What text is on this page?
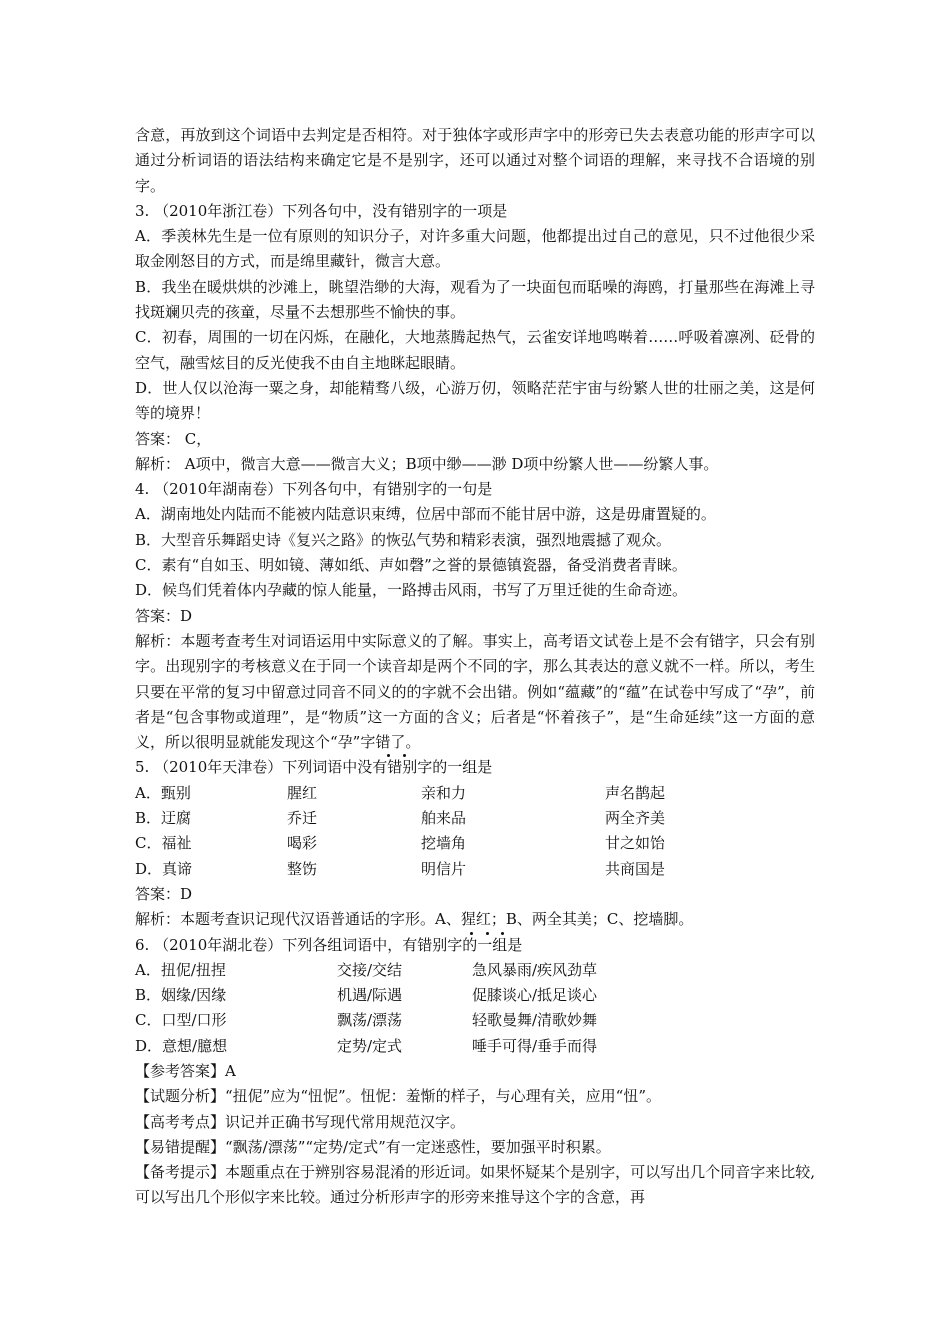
含意，再放到这个词语中去判定是否相符。对于独体字或形声字中的形旁已失去表意功能的形声字可以通过分析词语的语法结构来确定它是不是别字，还可以通过对整个词语的理解，来寻找不合语境的别字。
3. （2010年浙江卷）下列各句中，没有错别字的一项是
A．季羡林先生是一位有原则的知识分子，对许多重大问题，他都提出过自己的意见，只不过他很少采取金刚怒目的方式，而是绵里藏针，微言大意。
B．我坐在暖烘烘的沙滩上，眺望浩缈的大海，观看为了一块面包而聒噪的海鸥，打量那些在海滩上寻找斑斓贝壳的孩童，尽量不去想那些不愉快的事。
C．初春，周围的一切在闪烁，在融化，大地蒸腾起热气，云雀安详地鸣啭着……呼吸着凛冽、砭骨的空气，融雪炫目的反光使我不由自主地眯起眼睛。
D．世人仅以沧海一粟之身，却能精骛八级，心游万仞，领略茫茫宇宙与纷繁人世的壮丽之美，这是何等的境界！
答案： C，
解析： A项中，微言大意——微言大义；B项中缈——渺 D项中纷繁人世——纷繁人事。
4. （2010年湖南卷）下列各句中，有错别字的一句是
A．湖南地处内陆而不能被内陆意识束缚，位居中部而不能甘居中游，这是毋庸置疑的。
B．大型音乐舞蹈史诗《复兴之路》的恢弘气势和精彩表演，强烈地震撼了观众。
C．素有“自如玉、明如镜、薄如纸、声如磬”之誉的景德镇瓷器，备受消费者青睐。
D．候鸟们凭着体内孕藏的惊人能量，一路搏击风雨，书写了万里迁徙的生命奇迹。
答案：D
解析：本题考查考生对词语运用中实际意义的了解。事实上，高考语文试卷上是不会有错字，只会有别字。出现别字的考核意义在于同一个读音却是两个不同的字，那么其表达的意义就不一样。所以，考生只要在平常的复习中留意过同音不同义的的字就不会出错。例如“蕴藏”的“蕴”在试卷中写成了“孕”，前者是“包含事物或道理”，是“物质”这一方面的含义；后者是“怀着孩子”，是“生命延续”这一方面的意义，所以很明显就能发现这个“孕”字错了。
5. （2010年天津卷）下列词语中没有错别字的一组是
A．甄别	腥红	亲和力	声名鹊起
B．迂腐	乔迁	舶来品	两全齐美
C．福祉	喝彩	挖墙角	甘之如饴
D．真谛	整饬	明信片	共商国是
答案：D
解析：本题考查识记现代汉语普通话的字形。A、猩红；B、两全其美；C、挖墙脚。
6. （2010年湖北卷）下列各组词语中，有错别字的一组是
A．扭伲/扭捏	交接/交结	急风暴雨/疾风劲草
B．姻缘/因缘	机遇/际遇	促膝谈心/抵足谈心
C．口型/口形	飘荡/漂荡	轻歌曼舞/清歌妙舞
D．意想/臆想	定势/定式	唾手可得/垂手而得
【参考答案】A
【试题分析】“扭伲”应为“忸怩”。忸怩：羞惭的样子，与心理有关，应用“忸”。
【高考考点】识记并正确书写现代常用规范汉字。
【易错提醒】“飘荡/漂荡”“定势/定式”有一定迷惑性，要加强平时积累。
【备考提示】本题重点在于辨别容易混淆的形近词。如果怀疑某个是别字，可以写出几个同音字来比较,可以写出几个形似字来比较。通过分析形声字的形旁来推导这个字的含意，再
